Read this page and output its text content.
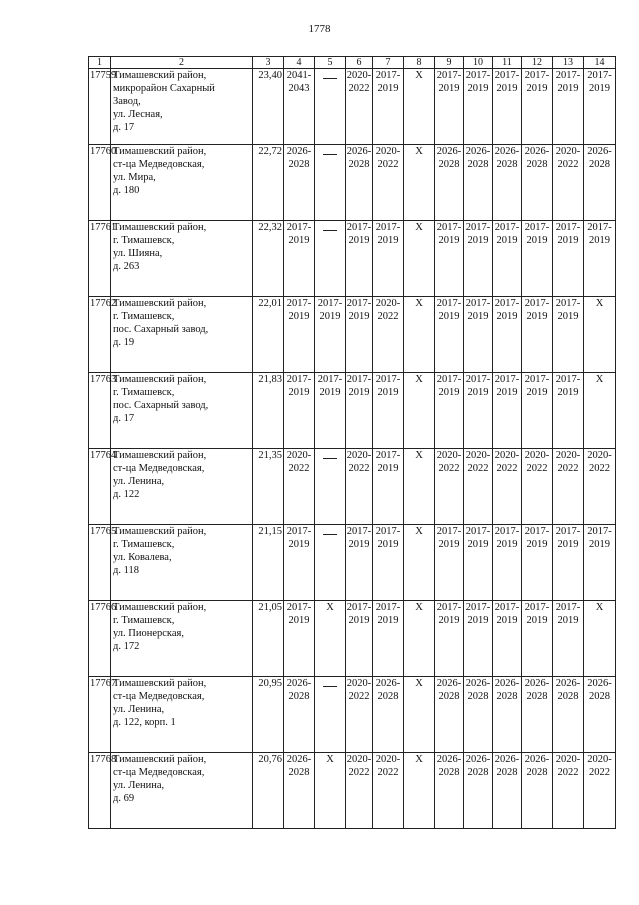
1778
1	2	3	4	5	6	7	8	9	10	11	12	13	14
17759	Тимашевский район,
микрорайон Сахарный
Завод,
ул. Лесная,
д. 17	23,40	2041-2043		2020-2022	2017-2019	Х	2017-2019	2017-2019	2017-2019	2017-2019	2017-2019	2017-2019
17760	Тимашевский район,
ст-ца Медведовская,
ул. Мира,
д. 180	22,72	2026-2028		2026-2028	2020-2022	Х	2026-2028	2026-2028	2026-2028	2026-2028	2020-2022	2026-2028
17761	Тимашевский район,
г. Тимашевск,
ул. Шияна,
д. 263	22,32	2017-2019		2017-2019	2017-2019	Х	2017-2019	2017-2019	2017-2019	2017-2019	2017-2019	2017-2019
17762	Тимашевский район,
г. Тимашевск,
пос. Сахарный завод,
д. 19	22,01	2017-2019	2017-2019	2017-2019	2020-2022	Х	2017-2019	2017-2019	2017-2019	2017-2019	2017-2019	Х
17763	Тимашевский район,
г. Тимашевск,
пос. Сахарный завод,
д. 17	21,83	2017-2019	2017-2019	2017-2019	2017-2019	Х	2017-2019	2017-2019	2017-2019	2017-2019	2017-2019	Х
17764	Тимашевский район,
ст-ца Медведовская,
ул. Ленина,
д. 122	21,35	2020-2022		2020-2022	2017-2019	Х	2020-2022	2020-2022	2020-2022	2020-2022	2020-2022	2020-2022
17765	Тимашевский район,
г. Тимашевск,
ул. Ковалева,
д. 118	21,15	2017-2019		2017-2019	2017-2019	Х	2017-2019	2017-2019	2017-2019	2017-2019	2017-2019	2017-2019
17766	Тимашевский район,
г. Тимашевск,
ул. Пионерская,
д. 172	21,05	2017-2019	Х	2017-2019	2017-2019	Х	2017-2019	2017-2019	2017-2019	2017-2019	2017-2019	Х
17767	Тимашевский район,
ст-ца Медведовская,
ул. Ленина,
д. 122, корп. 1	20,95	2026-2028		2020-2022	2026-2028	Х	2026-2028	2026-2028	2026-2028	2026-2028	2026-2028	2026-2028
17768	Тимашевский район,
ст-ца Медведовская,
ул. Ленина,
д. 69	20,76	2026-2028	Х	2020-2022	2020-2022	Х	2026-2028	2026-2028	2026-2028	2026-2028	2020-2022	2020-2022
